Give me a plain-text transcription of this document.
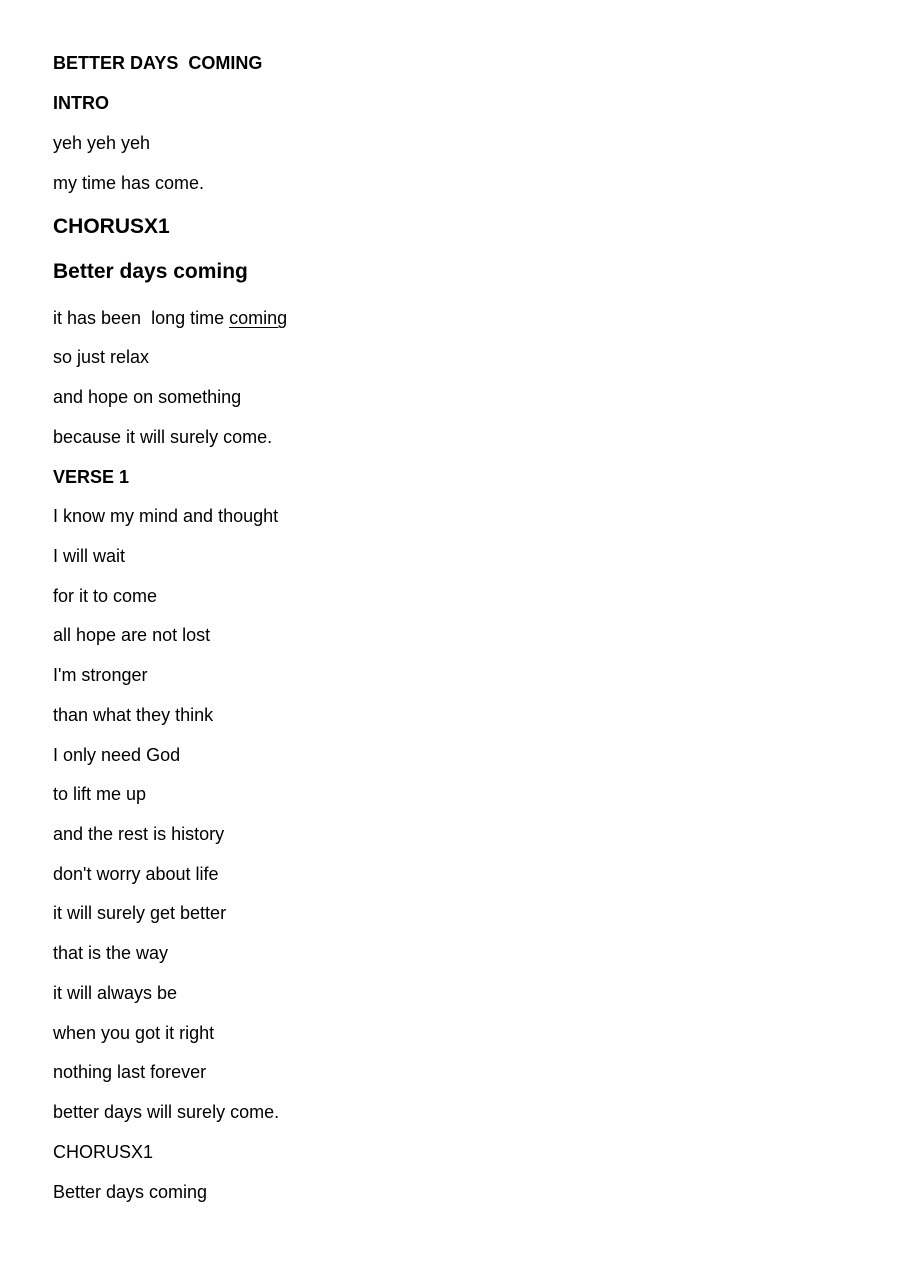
BETTER DAYS  COMING
INTRO
yeh yeh yeh
my time has come.
CHORUSX1
Better days coming
it has been  long time coming
so just relax
and hope on something
because it will surely come.
VERSE 1
I know my mind and thought
I will wait
for it to come
all hope are not lost
I'm stronger
than what they think
I only need God
to lift me up
and the rest is history
don't worry about life
it will surely get better
that is the way
it will always be
when you got it right
nothing last forever
better days will surely come.
CHORUSX1
Better days coming
